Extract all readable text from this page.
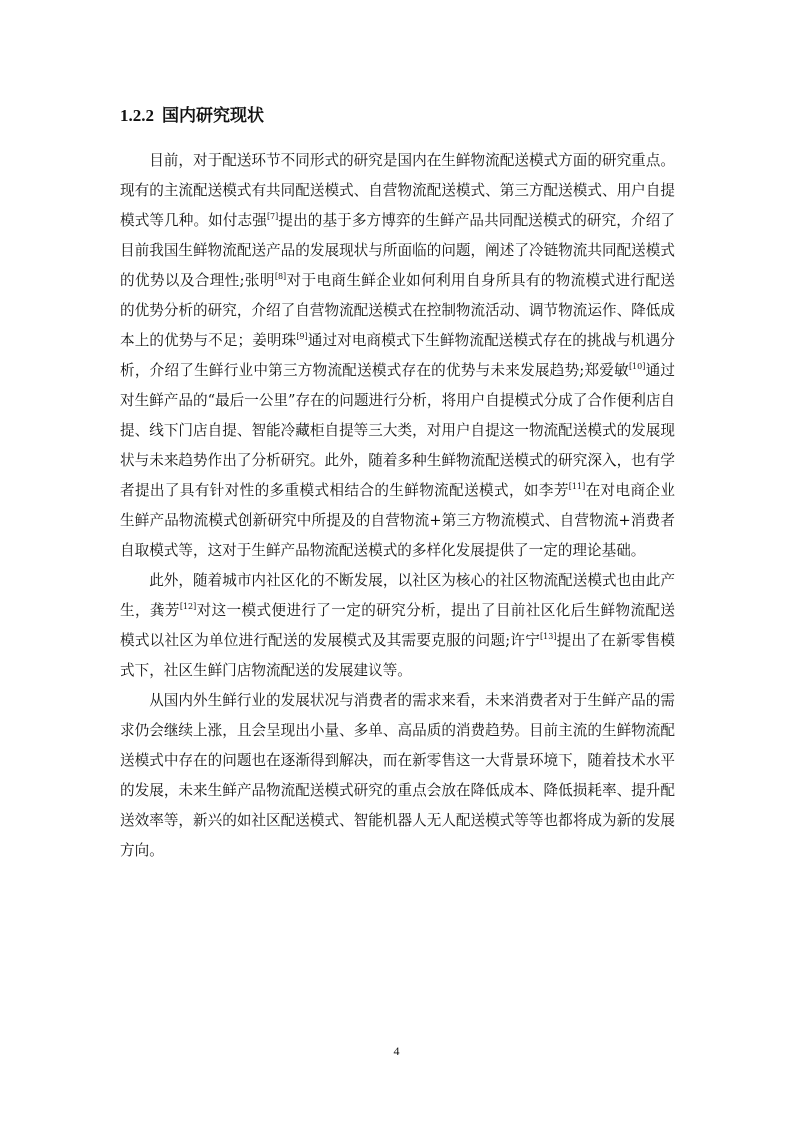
1.2.2 国内研究现状

目前，对于配送环节不同形式的研究是国内在生鲜物流配送模式方面的研究重点。现有的主流配送模式有共同配送模式、自营物流配送模式、第三方配送模式、用户自提模式等几种。如付志强[7]提出的基于多方博弈的生鲜产品共同配送模式的研究，介绍了目前我国生鲜物流配送产品的发展现状与所面临的问题，阐述了冷链物流共同配送模式的优势以及合理性;张明[8]对于电商生鲜企业如何利用自身所具有的物流模式进行配送的优势分析的研究，介绍了自营物流配送模式在控制物流活动、调节物流运作、降低成本上的优势与不足；姜明珠[9]通过对电商模式下生鲜物流配送模式存在的挑战与机遇分析，介绍了生鲜行业中第三方物流配送模式存在的优势与未来发展趋势;郑爱敏[10]通过对生鲜产品的“最后一公里”存在的问题进行分析，将用户自提模式分成了合作便利店自提、线下门店自提、智能冷藏柜自提等三大类，对用户自提这一物流配送模式的发展现状与未来趋势作出了分析研究。此外，随着多种生鲜物流配送模式的研究深入，也有学者提出了具有针对性的多重模式相结合的生鲜物流配送模式，如李芳[11]在对电商企业生鲜产品物流模式创新研究中所提及的自营物流+第三方物流模式、自营物流+消费者自取模式等，这对于生鲜产品物流配送模式的多样化发展提供了一定的理论基础。

此外，随着城市内社区化的不断发展，以社区为核心的社区物流配送模式也由此产生，龚芳[12]对这一模式便进行了一定的研究分析，提出了目前社区化后生鲜物流配送模式以社区为单位进行配送的发展模式及其需要克服的问题;许宁[13]提出了在新零售模式下，社区生鲜门店物流配送的发展建议等。

从国内外生鲜行业的发展状况与消费者的需求来看，未来消费者对于生鲜产品的需求仍会继续上涨，且会呈现出小量、多单、高品质的消费趋势。目前主流的生鲜物流配送模式中存在的问题也在逐渐得到解决，而在新零售这一大背景环境下，随着技术水平的发展，未来生鲜产品物流配送模式研究的重点会放在降低成本、降低损耗率、提升配送效率等，新兴的如社区配送模式、智能机器人无人配送模式等等也都将成为新的发展方向。

4
